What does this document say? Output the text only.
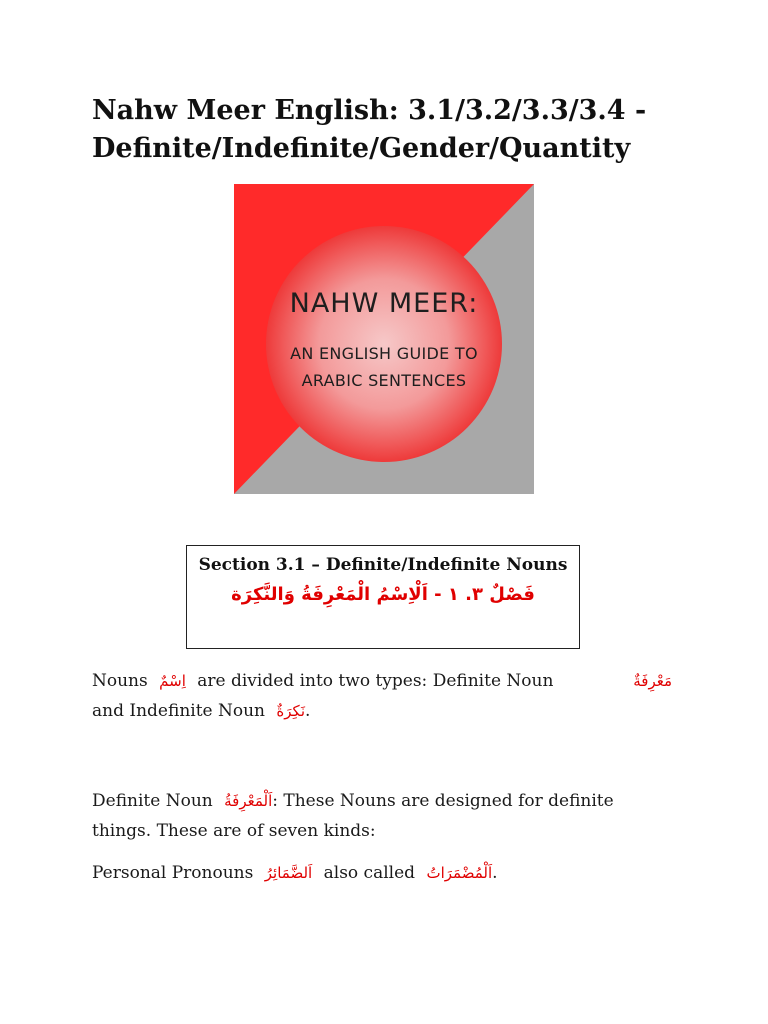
Nahw Meer English: 3.1/3.2/3.3/3.4 - Definite/Indefinite/Gender/Quantity
NAHW MEER:
AN ENGLISH GUIDE TO
ARABIC SENTENCES
Section 3.1 – Definite/Indefinite Nouns
فَصْلٌ ٣. ١ - اَلْاِسْمُ الْمَعْرِفَةُ وَالنَّكِرَة
Nouns اِسْمٌ are divided into two types: Definite Noun	مَعْرِفَةٌ

and Indefinite Noun نَكِرَةٌ.
Definite Noun اَلْمَعْرِفَةُ: These Nouns are designed for definite things. These are of seven kinds:
Personal Pronouns اَلضَّمَائِرُ also called اَلْمُضْمَرَاتُ.
